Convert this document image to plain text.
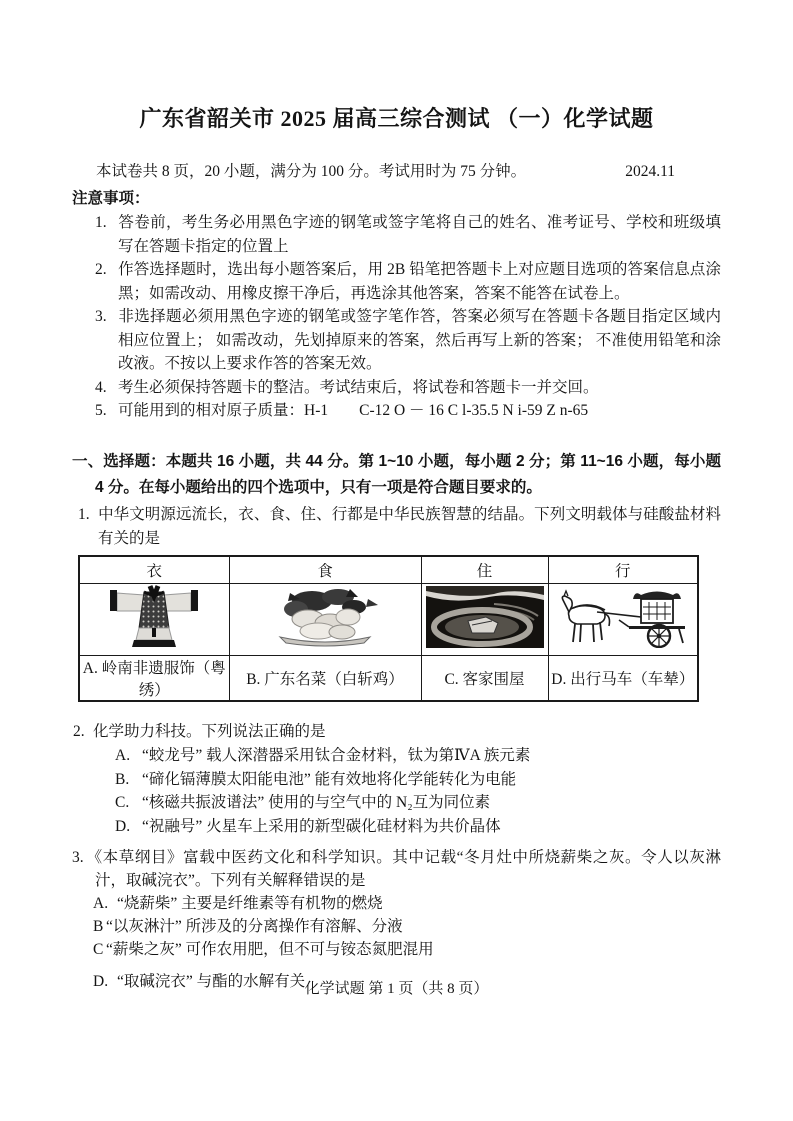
广东省韶关市 2025 届高三综合测试 （一）化学试题
本试卷共 8 页，20 小题，满分为 100 分。考试用时为 75 分钟。	2024.11
注意事项：
1. 答卷前，考生务必用黑色字迹的钢笔或签字笔将自己的姓名、准考证号、学校和班级填写在答题卡指定的位置上
2. 作答选择题时，选出每小题答案后，用 2B 铅笔把答题卡上对应题目选项的答案信息点涂黑；如需改动、用橡皮擦干净后，再选涂其他答案，答案不能答在试卷上。
3. 非选择题必须用黑色字迹的钢笔或签字笔作答，答案必须写在答题卡各题目指定区域内相应位置上； 如需改动，先划掉原来的答案，然后再写上新的答案； 不准使用铅笔和涂改液。不按以上要求作答的答案无效。
4. 考生必须保持答题卡的整洁。考试结束后，将试卷和答题卡一并交回。
5. 可能用到的相对原子质量：H-1　　C-12 O － 16 C l-35.5 N i-59 Z n-65
一、选择题：本题共 16 小题，共 44 分。第 1~10 小题，每小题 2 分；第 11~16 小题，每小题 4 分。在每小题给出的四个选项中，只有一项是符合题目要求的。
1. 中华文明源远流长，衣、食、住、行都是中华民族智慧的结晶。下列文明载体与硅酸盐材料有关的是
衣	食	住	行

A. 岭南非遗服饰（粤绣）	B. 广东名菜（白斩鸡）	C. 客家围屋	D. 出行马车（车辇）
2. 化学助力科技。下列说法正确的是
A. “蛟龙号” 载人深潜器采用钛合金材料，钛为第ⅣA 族元素
B. “碲化镉薄膜太阳能电池” 能有效地将化学能转化为电能
C. “核磁共振波谱法” 使用的与空气中的 N₂互为同位素
D. “祝融号” 火星车上采用的新型碳化硅材料为共价晶体
3. 《本草纲目》富载中医药文化和科学知识。其中记载“冬月灶中所烧薪柴之灰。令人以灰淋汁，取碱浣衣”。下列有关解释错误的是
A. “烧薪柴” 主要是纤维素等有机物的燃烧
B “以灰淋汁” 所涉及的分离操作有溶解、分液
C “薪柴之灰” 可作农用肥，但不可与铵态氮肥混用
D. “取碱浣衣” 与酯的水解有关 化学试题 第 1 页（共 8 页）
